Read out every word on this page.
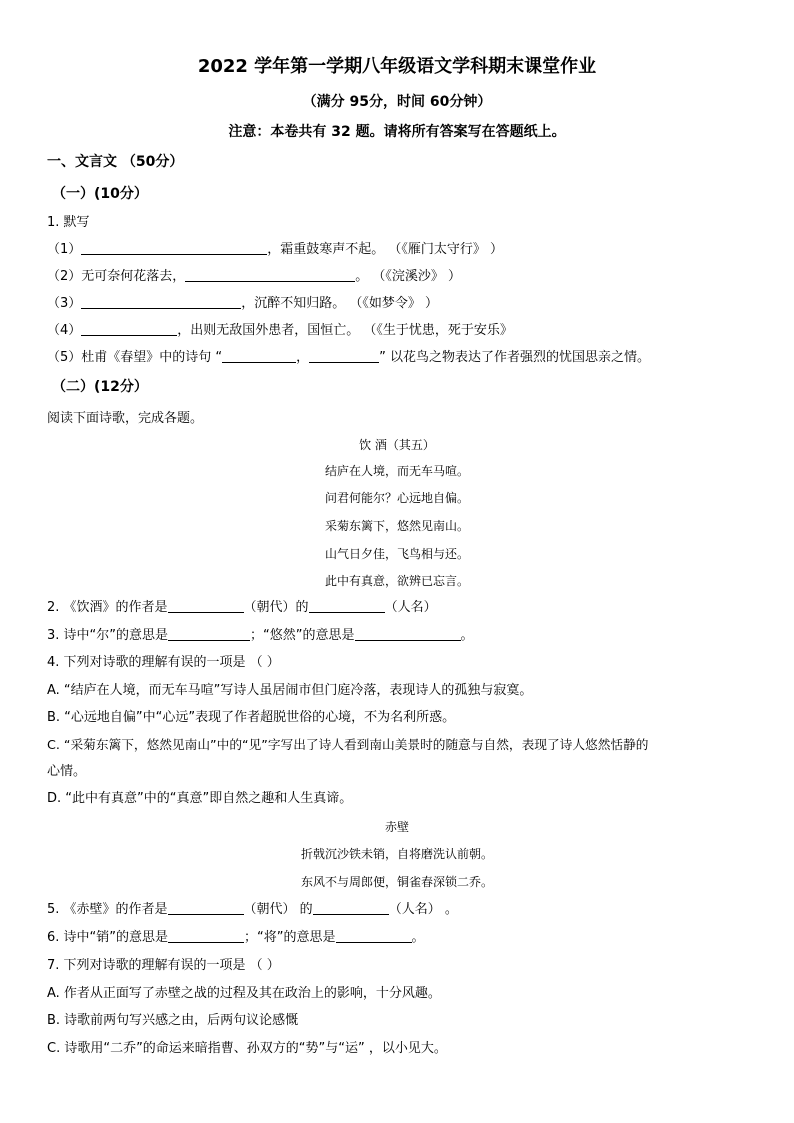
2022 学年第一学期八年级语文学科期末课堂作业
（满分 95分，时间 60分钟）
注意：本卷共有 32 题。请将所有答案写在答题纸上。
一、文言文 （50分）
（一）(10分）
1. 默写
（1）	，霜重鼓寒声不起。 （《雁门太守行》 ）
（2）无可奈何花落去，	。 （《浣溪沙》 ）
（3）	，沉醉不知归路。 （《如梦令》 ）
（4）	，出则无敌国外患者，国恒亡。 （《生于忧患，死于安乐》
（5）杜甫《春望》中的诗句 “	，	” 以花鸟之物表达了作者强烈的忧国思亲之情。
（二）(12分）
阅读下面诗歌，完成各题。
饮 酒（其五）
结庐在人境，而无车马喧。
问君何能尔？心远地自偏。
采菊东篱下，悠然见南山。
山气日夕佳，飞鸟相与还。
此中有真意，欲辨已忘言。
2. 《饮酒》的作者是	（朝代）的	（人名）
3. 诗中“尔”的意思是	；“悠然”的意思是	。
4. 下列对诗歌的理解有误的一项是 （ ）
A. “结庐在人境，而无车马喧”写诗人虽居闹市但门庭冷落，表现诗人的孤独与寂寞。
B. “心远地自偏”中“心远”表现了作者超脱世俗的心境，不为名利所惑。
C. “采菊东篱下，悠然见南山”中的“见”字写出了诗人看到南山美景时的随意与自然，表现了诗人悠然恬静的
心情。
D. “此中有真意”中的“真意”即自然之趣和人生真谛。
赤壁
折戟沉沙铁未销，自将磨洗认前朝。
东风不与周郎便，铜雀春深锁二乔。
5. 《赤壁》的作者是	（朝代） 的	（人名） 。
6. 诗中“销”的意思是	；“将”的意思是	。
7. 下列对诗歌的理解有误的一项是 （ ）
A. 作者从正面写了赤壁之战的过程及其在政治上的影响，十分风趣。
B. 诗歌前两句写兴感之由，后两句议论感慨
C. 诗歌用“二乔”的命运来暗指曹、孙双方的“势”与“运” ，以小见大。
